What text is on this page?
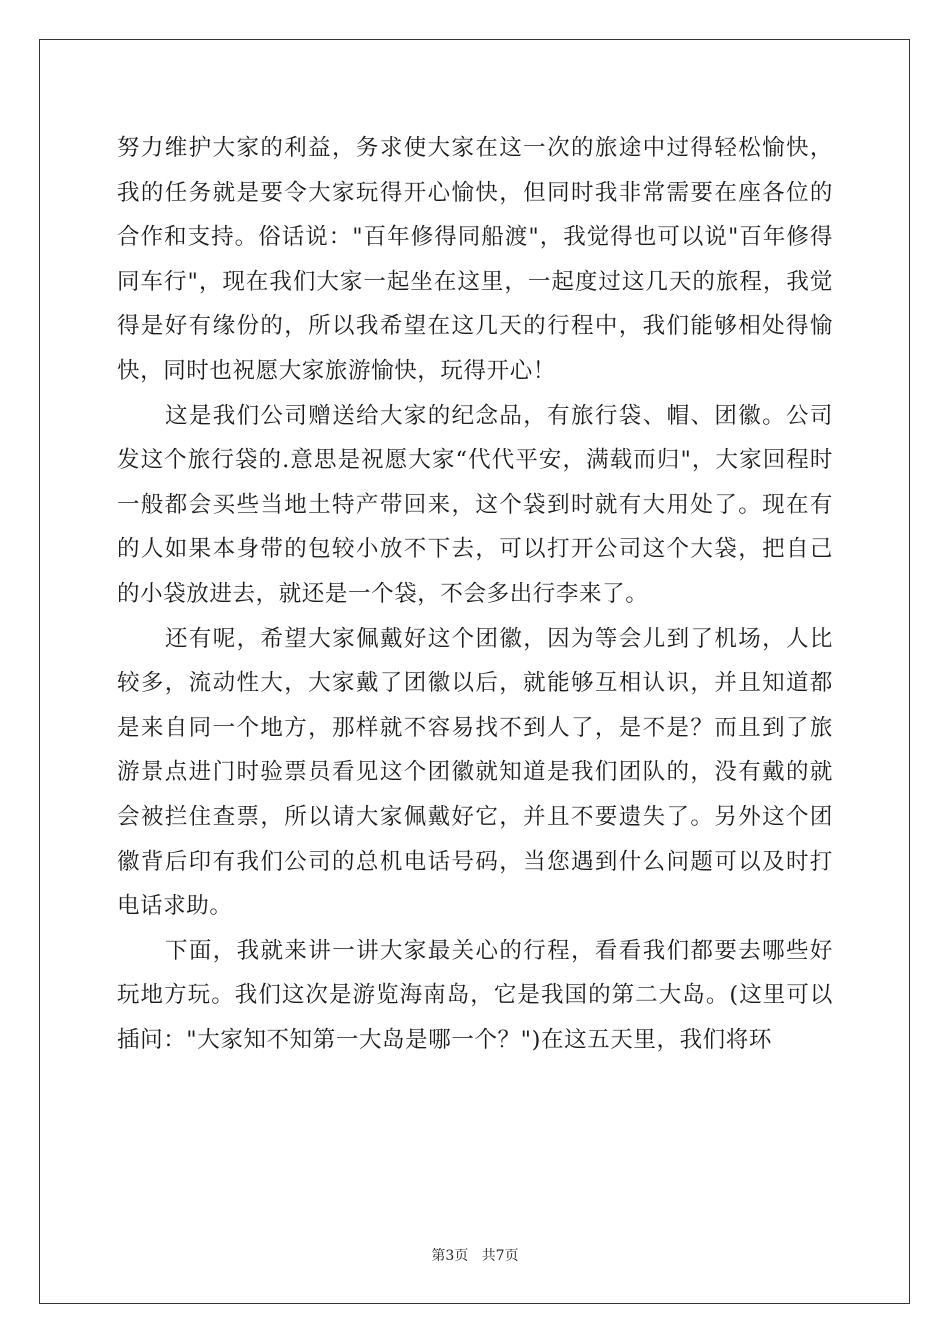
努力维护大家的利益，务求使大家在这一次的旅途中过得轻松愉快，我的任务就是要令大家玩得开心愉快，但同时我非常需要在座各位的合作和支持。俗话说："百年修得同船渡"，我觉得也可以说"百年修得同车行"，现在我们大家一起坐在这里，一起度过这几天的旅程，我觉得是好有缘份的，所以我希望在这几天的行程中，我们能够相处得愉快，同时也祝愿大家旅游愉快，玩得开心！

这是我们公司赠送给大家的纪念品，有旅行袋、帽、团徽。公司发这个旅行袋的.意思是祝愿大家“代代平安，满载而归"，大家回程时一般都会买些当地土特产带回来，这个袋到时就有大用处了。现在有的人如果本身带的包较小放不下去，可以打开公司这个大袋，把自己的小袋放进去，就还是一个袋，不会多出行李来了。

还有呢，希望大家佩戴好这个团徽，因为等会儿到了机场，人比较多，流动性大，大家戴了团徽以后，就能够互相认识，并且知道都是来自同一个地方，那样就不容易找不到人了，是不是？而且到了旅游景点进门时验票员看见这个团徽就知道是我们团队的，没有戴的就会被拦住查票，所以请大家佩戴好它，并且不要遗失了。另外这个团徽背后印有我们公司的总机电话号码，当您遇到什么问题可以及时打电话求助。

下面，我就来讲一讲大家最关心的行程，看看我们都要去哪些好玩地方玩。我们这次是游览海南岛，它是我国的第二大岛。(这里可以插问："大家知不知第一大岛是哪一个？")在这五天里，我们将环

第3页   共7页
